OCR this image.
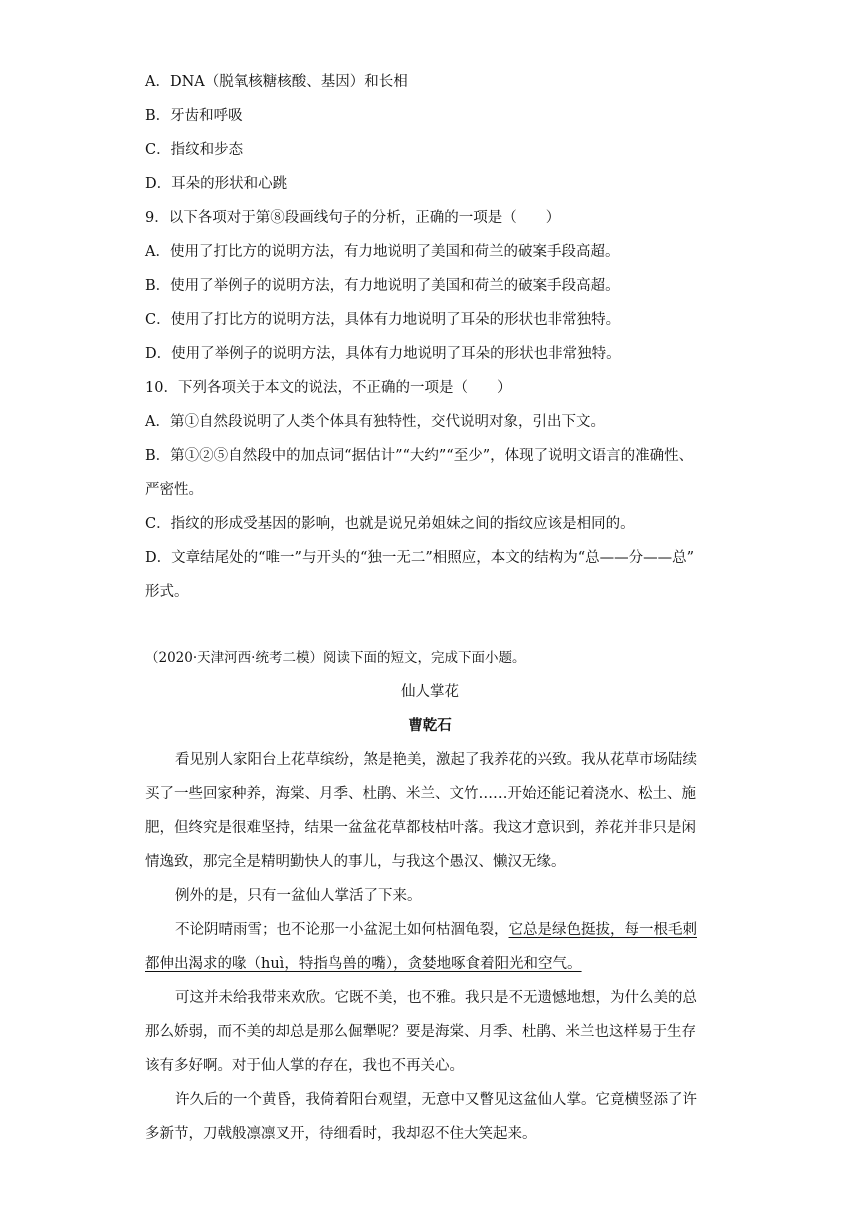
A．DNA（脱氧核糖核酸、基因）和长相
B．牙齿和呼吸
C．指纹和步态
D．耳朵的形状和心跳
9．以下各项对于第⑧段画线句子的分析，正确的一项是（　　）
A．使用了打比方的说明方法，有力地说明了美国和荷兰的破案手段高超。
B．使用了举例子的说明方法，有力地说明了美国和荷兰的破案手段高超。
C．使用了打比方的说明方法，具体有力地说明了耳朵的形状也非常独特。
D．使用了举例子的说明方法，具体有力地说明了耳朵的形状也非常独特。
10．下列各项关于本文的说法，不正确的一项是（　　）
A．第①自然段说明了人类个体具有独特性，交代说明对象，引出下文。
B．第①②⑤自然段中的加点词“据估计”“大约”“至少”，体现了说明文语言的准确性、
严密性。
C．指纹的形成受基因的影响，也就是说兄弟姐妹之间的指纹应该是相同的。
D．文章结尾处的“唯一”与开头的“独一无二”相照应，本文的结构为“总——分——总”
形式。
（2020·天津河西·统考二模）阅读下面的短文，完成下面小题。
仙人掌花
曹乾石
看见别人家阳台上花草缤纷，煞是艳美，激起了我养花的兴致。我从花草市场陆续
买了一些回家种养，海棠、月季、杜鹃、米兰、文竹……开始还能记着浇水、松土、施
肥，但终究是很难坚持，结果一盆盆花草都枝枯叶落。我这才意识到，养花并非只是闲
情逸致，那完全是精明勤快人的事儿，与我这个愚汉、懒汉无缘。
例外的是，只有一盆仙人掌活了下来。
不论阴晴雨雪；也不论那一小盆泥土如何枯涸龟裂，它总是绿色挺拔，每一根毛刺
都伸出渴求的喙（huì，特指鸟兽的嘴），贪婪地啄食着阳光和空气。
可这并未给我带来欢欣。它既不美，也不雅。我只是不无遗憾地想，为什么美的总
那么娇弱，而不美的却总是那么倔犟呢？要是海棠、月季、杜鹃、米兰也这样易于生存
该有多好啊。对于仙人掌的存在，我也不再关心。
许久后的一个黄昏，我倚着阳台观望，无意中又瞥见这盆仙人掌。它竟横竖添了许
多新节，刀戟般凛凛叉开，待细看时，我却忍不住大笑起来。
